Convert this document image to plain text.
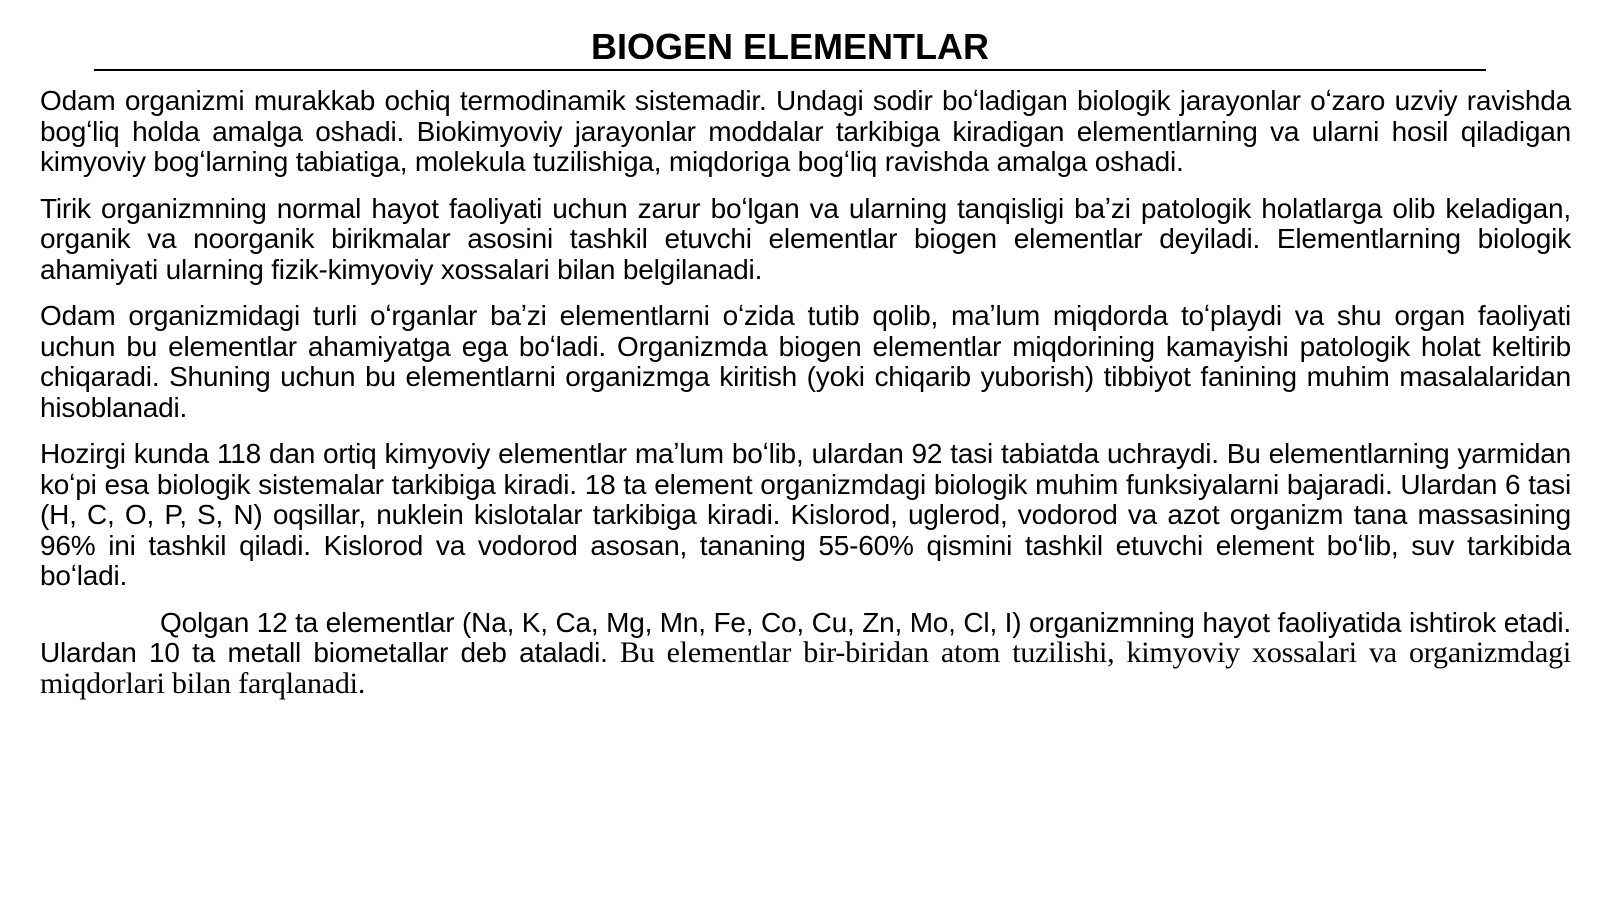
BIOGEN ELEMENTLAR

Odam organizmi murakkab ochiq termodinamik sistemadir. Undagi sodir boʻladigan biologik jarayonlar oʻzaro uzviy ravishda bogʻliq holda amalga oshadi. Biokimyoviy jarayonlar moddalar tarkibiga kiradigan elementlarning va ularni hosil qiladigan kimyoviy bogʻlarning tabiatiga, molekula tuzilishiga, miqdoriga bogʻliq ravishda amalga oshadi.

Tirik organizmning normal hayot faoliyati uchun zarur boʻlgan va ularning tanqisligi baʼzi patologik holatlarga olib keladigan, organik va noorganik birikmalar asosini tashkil etuvchi elementlar biogen elementlar deyiladi. Elementlarning biologik ahamiyati ularning fizik-kimyoviy xossalari bilan belgilanadi.

Odam organizmidagi turli oʻrganlar baʼzi elementlarni oʻzida tutib qolib, maʼlum miqdorda toʻplaydi va shu organ faoliyati uchun bu elementlar ahamiyatga ega boʻladi. Organizmda biogen elementlar miqdorining kamayishi patologik holat keltirib chiqaradi. Shuning uchun bu elementlarni organizmga kiritish (yoki chiqarib yuborish) tibbiyot fanining muhim masalalaridan hisoblanadi.

Hozirgi kunda 118 dan ortiq kimyoviy elementlar maʼlum boʻlib, ulardan 92 tasi tabiatda uchraydi. Bu elementlarning yarmidan koʻpi esa biologik sistemalar tarkibiga kiradi. 18 ta element organizmdagi biologik muhim funksiyalarni bajaradi. Ulardan 6 tasi (H, C, O, P, S, N) oqsillar, nuklein kislotalar tarkibiga kiradi. Kislorod, uglerod, vodorod va azot organizm tana massasining 96% ini tashkil qiladi. Kislorod va vodorod asosan, tananing 55-60% qismini tashkil etuvchi element boʻlib, suv tarkibida boʻladi.

Qolgan 12 ta elementlar (Na, K, Ca, Mg, Mn, Fe, Co, Cu, Zn, Mo, Cl, I) organizmning hayot faoliyatida ishtirok etadi. Ulardan 10 ta metall biometallar deb ataladi. Bu elementlar bir-biridan atom tuzilishi, kimyoviy xossalari va organizmdagi miqdorlari bilan farqlanadi.
